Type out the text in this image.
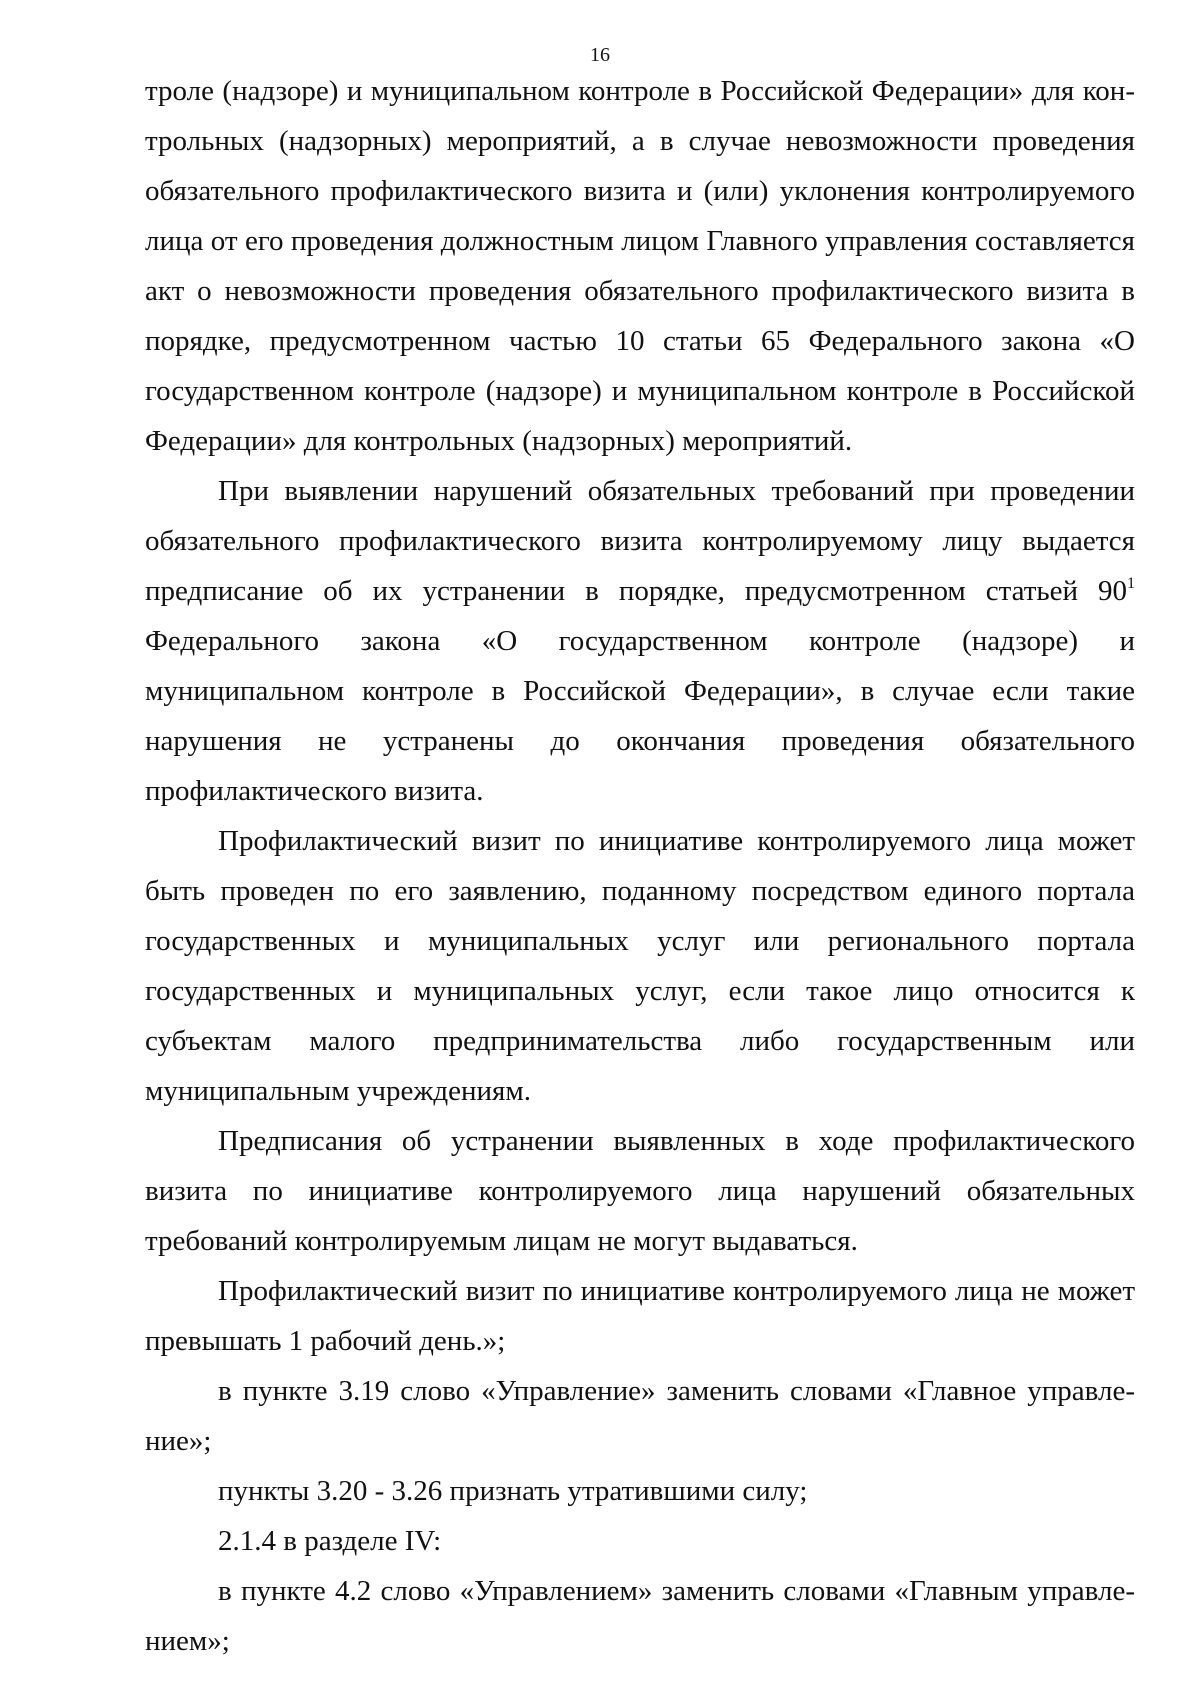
16

троле (надзоре) и муниципальном контроле в Российской Федерации» для контрольных (надзорных) мероприятий, а в случае невозможности проведения обязательного профилактического визита и (или) уклонения контролируемого лица от его проведения должностным лицом Главного управления составляется акт о невозможности проведения обязательного профилактического визита в порядке, предусмотренном частью 10 статьи 65 Федерального закона «О государственном контроле (надзоре) и муниципальном контроле в Российской Федерации» для контрольных (надзорных) мероприятий.

При выявлении нарушений обязательных требований при проведении обязательного профилактического визита контролируемому лицу выдается предписание об их устранении в порядке, предусмотренном статьей $90^1$ Федерального закона «О государственном контроле (надзоре) и муниципальном контроле в Российской Федерации», в случае если такие нарушения не устранены до окончания проведения обязательного профилактического визита.

Профилактический визит по инициативе контролируемого лица может быть проведен по его заявлению, поданному посредством единого портала государственных и муниципальных услуг или регионального портала государственных и муниципальных услуг, если такое лицо относится к субъектам малого предпринимательства либо государственным или муниципальным учреждениям.

Предписания об устранении выявленных в ходе профилактического визита по инициативе контролируемого лица нарушений обязательных требований контролируемым лицам не могут выдаваться.

Профилактический визит по инициативе контролируемого лица не может превышать 1 рабочий день.»;

в пункте 3.19 слово «Управление» заменить словами «Главное управление»;

пункты 3.20 - 3.26 признать утратившими силу;

2.1.4 в разделе IV:

в пункте 4.2 слово «Управлением» заменить словами «Главным управлением»;
